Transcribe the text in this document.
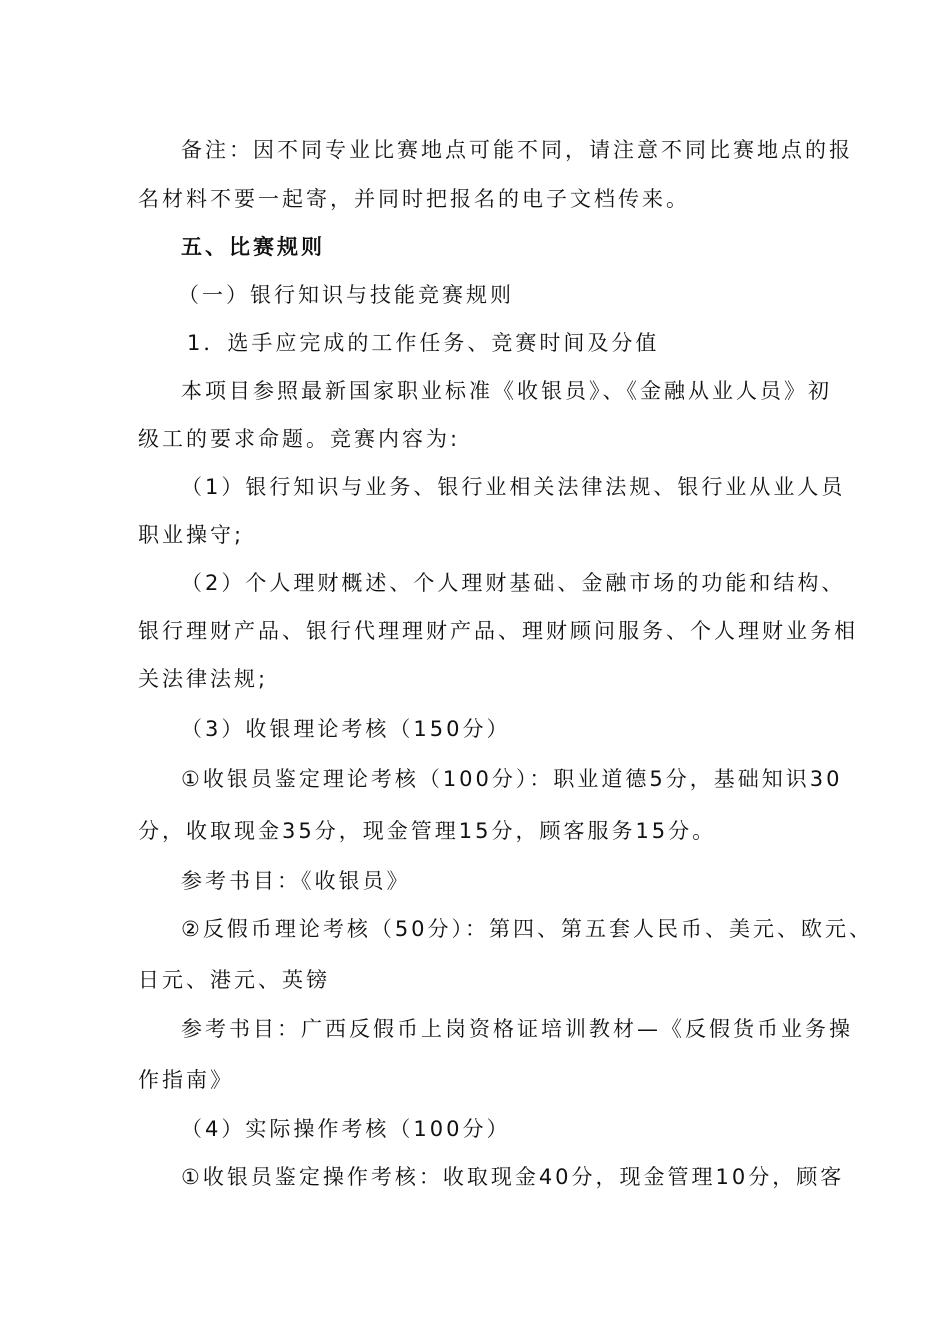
备注：因不同专业比赛地点可能不同，请注意不同比赛地点的报
名材料不要一起寄，并同时把报名的电子文档传来。
五、比赛规则
（一）银行知识与技能竞赛规则
1．选手应完成的工作任务、竞赛时间及分值
本项目参照最新国家职业标准《收银员》、《金融从业人员》初
级工的要求命题。竞赛内容为:
（1）银行知识与业务、银行业相关法律法规、银行业从业人员
职业操守;
（2）个人理财概述、个人理财基础、金融市场的功能和结构、
银行理财产品、银行代理理财产品、理财顾问服务、个人理财业务相
关法律法规;
（3）收银理论考核（150分）
①收银员鉴定理论考核（100分）：职业道德5分，基础知识30
分，收取现金35分，现金管理15分，顾客服务15分。
参考书目：《收银员》
②反假币理论考核（50分）：第四、第五套人民币、美元、欧元、
日元、港元、英镑
参考书目：广西反假币上岗资格证培训教材—《反假货币业务操
作指南》
（4）实际操作考核（100分）
①收银员鉴定操作考核：收取现金40分，现金管理10分，顾客
